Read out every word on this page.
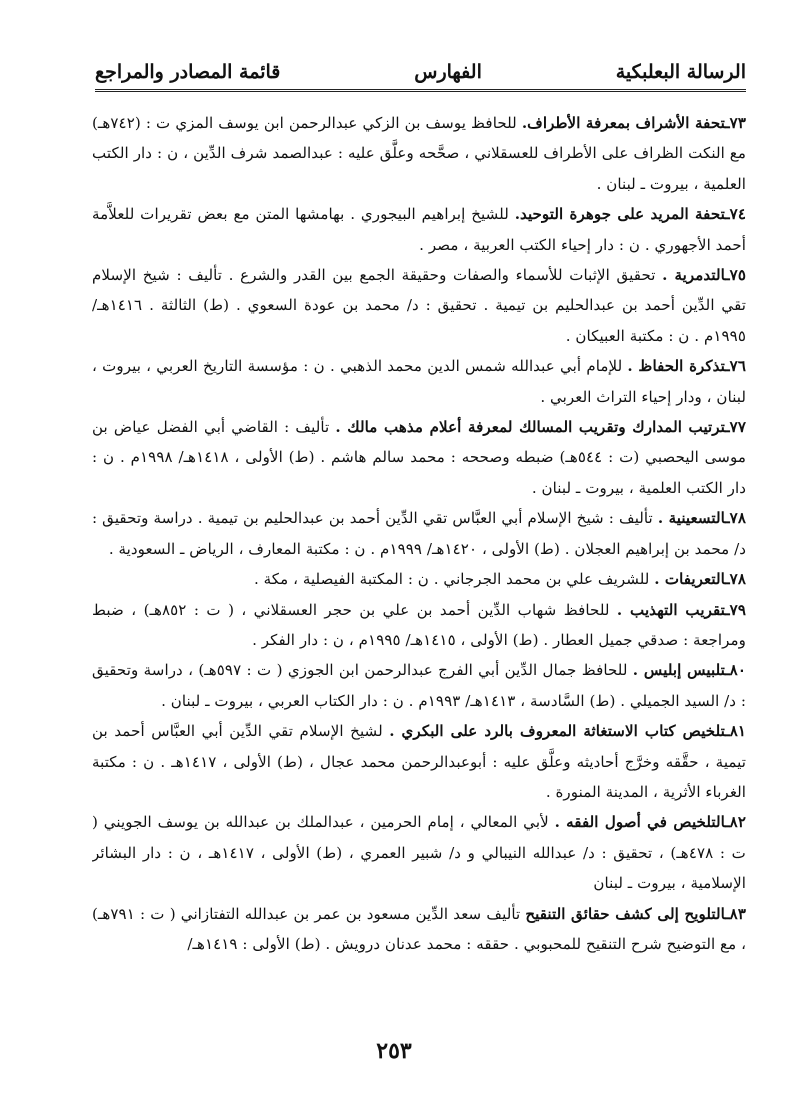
الرسالة البعلبكية
الفهارس
قائمة المصادر والمراجع

٧٣ـتحفة الأشراف بمعرفة الأطراف. للحافظ يوسف بن الزكي عبدالرحمن ابن يوسف المزي ت : (٧٤٢هـ) مع النكت الظراف على الأطراف للعسقلاني ، صحَّحه وعلَّق عليه : عبدالصمد شرف الدِّين ، ن : دار الكتب العلمية ، بيروت ـ لبنان .

٧٤ـتحفة المريد على جوهرة التوحيد. للشيخ إبراهيم البيجوري . بهامشها المتن مع بعض تقريرات للعلاَّمة أحمد الأجهوري . ن : دار إحياء الكتب العربية ، مصر .

٧٥ـالتدمرية . تحقيق الإثبات للأسماء والصفات وحقيقة الجمع بين القدر والشرع . تأليف : شيخ الإسلام تقي الدِّين أحمد بن عبدالحليم بن تيمية . تحقيق : د/ محمد بن عودة السعوي . (ط) الثالثة . ١٤١٦هـ/ ١٩٩٥م . ن : مكتبة العبيكان .

٧٦ـتذكرة الحفاظ . للإمام أبي عبدالله شمس الدين محمد الذهبي . ن : مؤسسة التاريخ العربي ، بيروت ، لبنان ، ودار إحياء التراث العربي .

٧٧ـترتيب المدارك وتقريب المسالك لمعرفة أعلام مذهب مالك . تأليف : القاضي أبي الفضل عياض بن موسى اليحصبي (ت : ٥٤٤هـ) ضبطه وصححه : محمد سالم هاشم . (ط) الأولى ، ١٤١٨هـ/ ١٩٩٨م . ن : دار الكتب العلمية ، بيروت ـ لبنان .

٧٨ـالتسعينية . تأليف : شيخ الإسلام أبي العبَّاس تقي الدِّين أحمد بن عبدالحليم بن تيمية . دراسة وتحقيق : د/ محمد بن إبراهيم العجلان . (ط) الأولى ، ١٤٢٠هـ/ ١٩٩٩م . ن : مكتبة المعارف ، الرياض ـ السعودية .

٧٨ـالتعريفات . للشريف علي بن محمد الجرجاني . ن : المكتبة الفيصلية ، مكة .

٧٩ـتقريب التهذيب . للحافظ شهاب الدِّين أحمد بن علي بن حجر العسقلاني ، ( ت : ٨٥٢هـ) ، ضبط ومراجعة : صدقي جميل العطار . (ط) الأولى ، ١٤١٥هـ/ ١٩٩٥م ، ن : دار الفكر .

٨٠ـتلبيس إبليس . للحافظ جمال الدِّين أبي الفرج عبدالرحمن ابن الجوزي ( ت : ٥٩٧هـ) ، دراسة وتحقيق : د/ السيد الجميلي . (ط) السَّادسة ، ١٤١٣هـ/ ١٩٩٣م . ن : دار الكتاب العربي ، بيروت ـ لبنان .

٨١ـتلخيص كتاب الاستغاثة المعروف بالرد على البكري . لشيخ الإسلام تقي الدِّين أبي العبَّاس أحمد بن تيمية ، حقَّقه وخرَّج أحاديثه وعلَّق عليه : أبوعبدالرحمن محمد عجال ، (ط) الأولى ، ١٤١٧هـ . ن : مكتبة الغرباء الأثرية ، المدينة المنورة .

٨٢ـالتلخيص في أصول الفقه . لأبي المعالي ، إمام الحرمين ، عبدالملك بن عبدالله بن يوسف الجويني ( ت : ٤٧٨هـ) ، تحقيق : د/ عبدالله النيبالي و د/ شبير العمري ، (ط) الأولى ، ١٤١٧هـ ، ن : دار البشائر الإسلامية ، بيروت ـ لبنان

٨٣ـالتلويح إلى كشف حقائق التنقيح تأليف سعد الدِّين مسعود بن عمر بن عبدالله التفتازاني ( ت : ٧٩١هـ) ، مع التوضيح شرح التنقيح للمحبوبي . حققه : محمد عدنان درويش . (ط) الأولى : ١٤١٩هـ/

٢٥٣
